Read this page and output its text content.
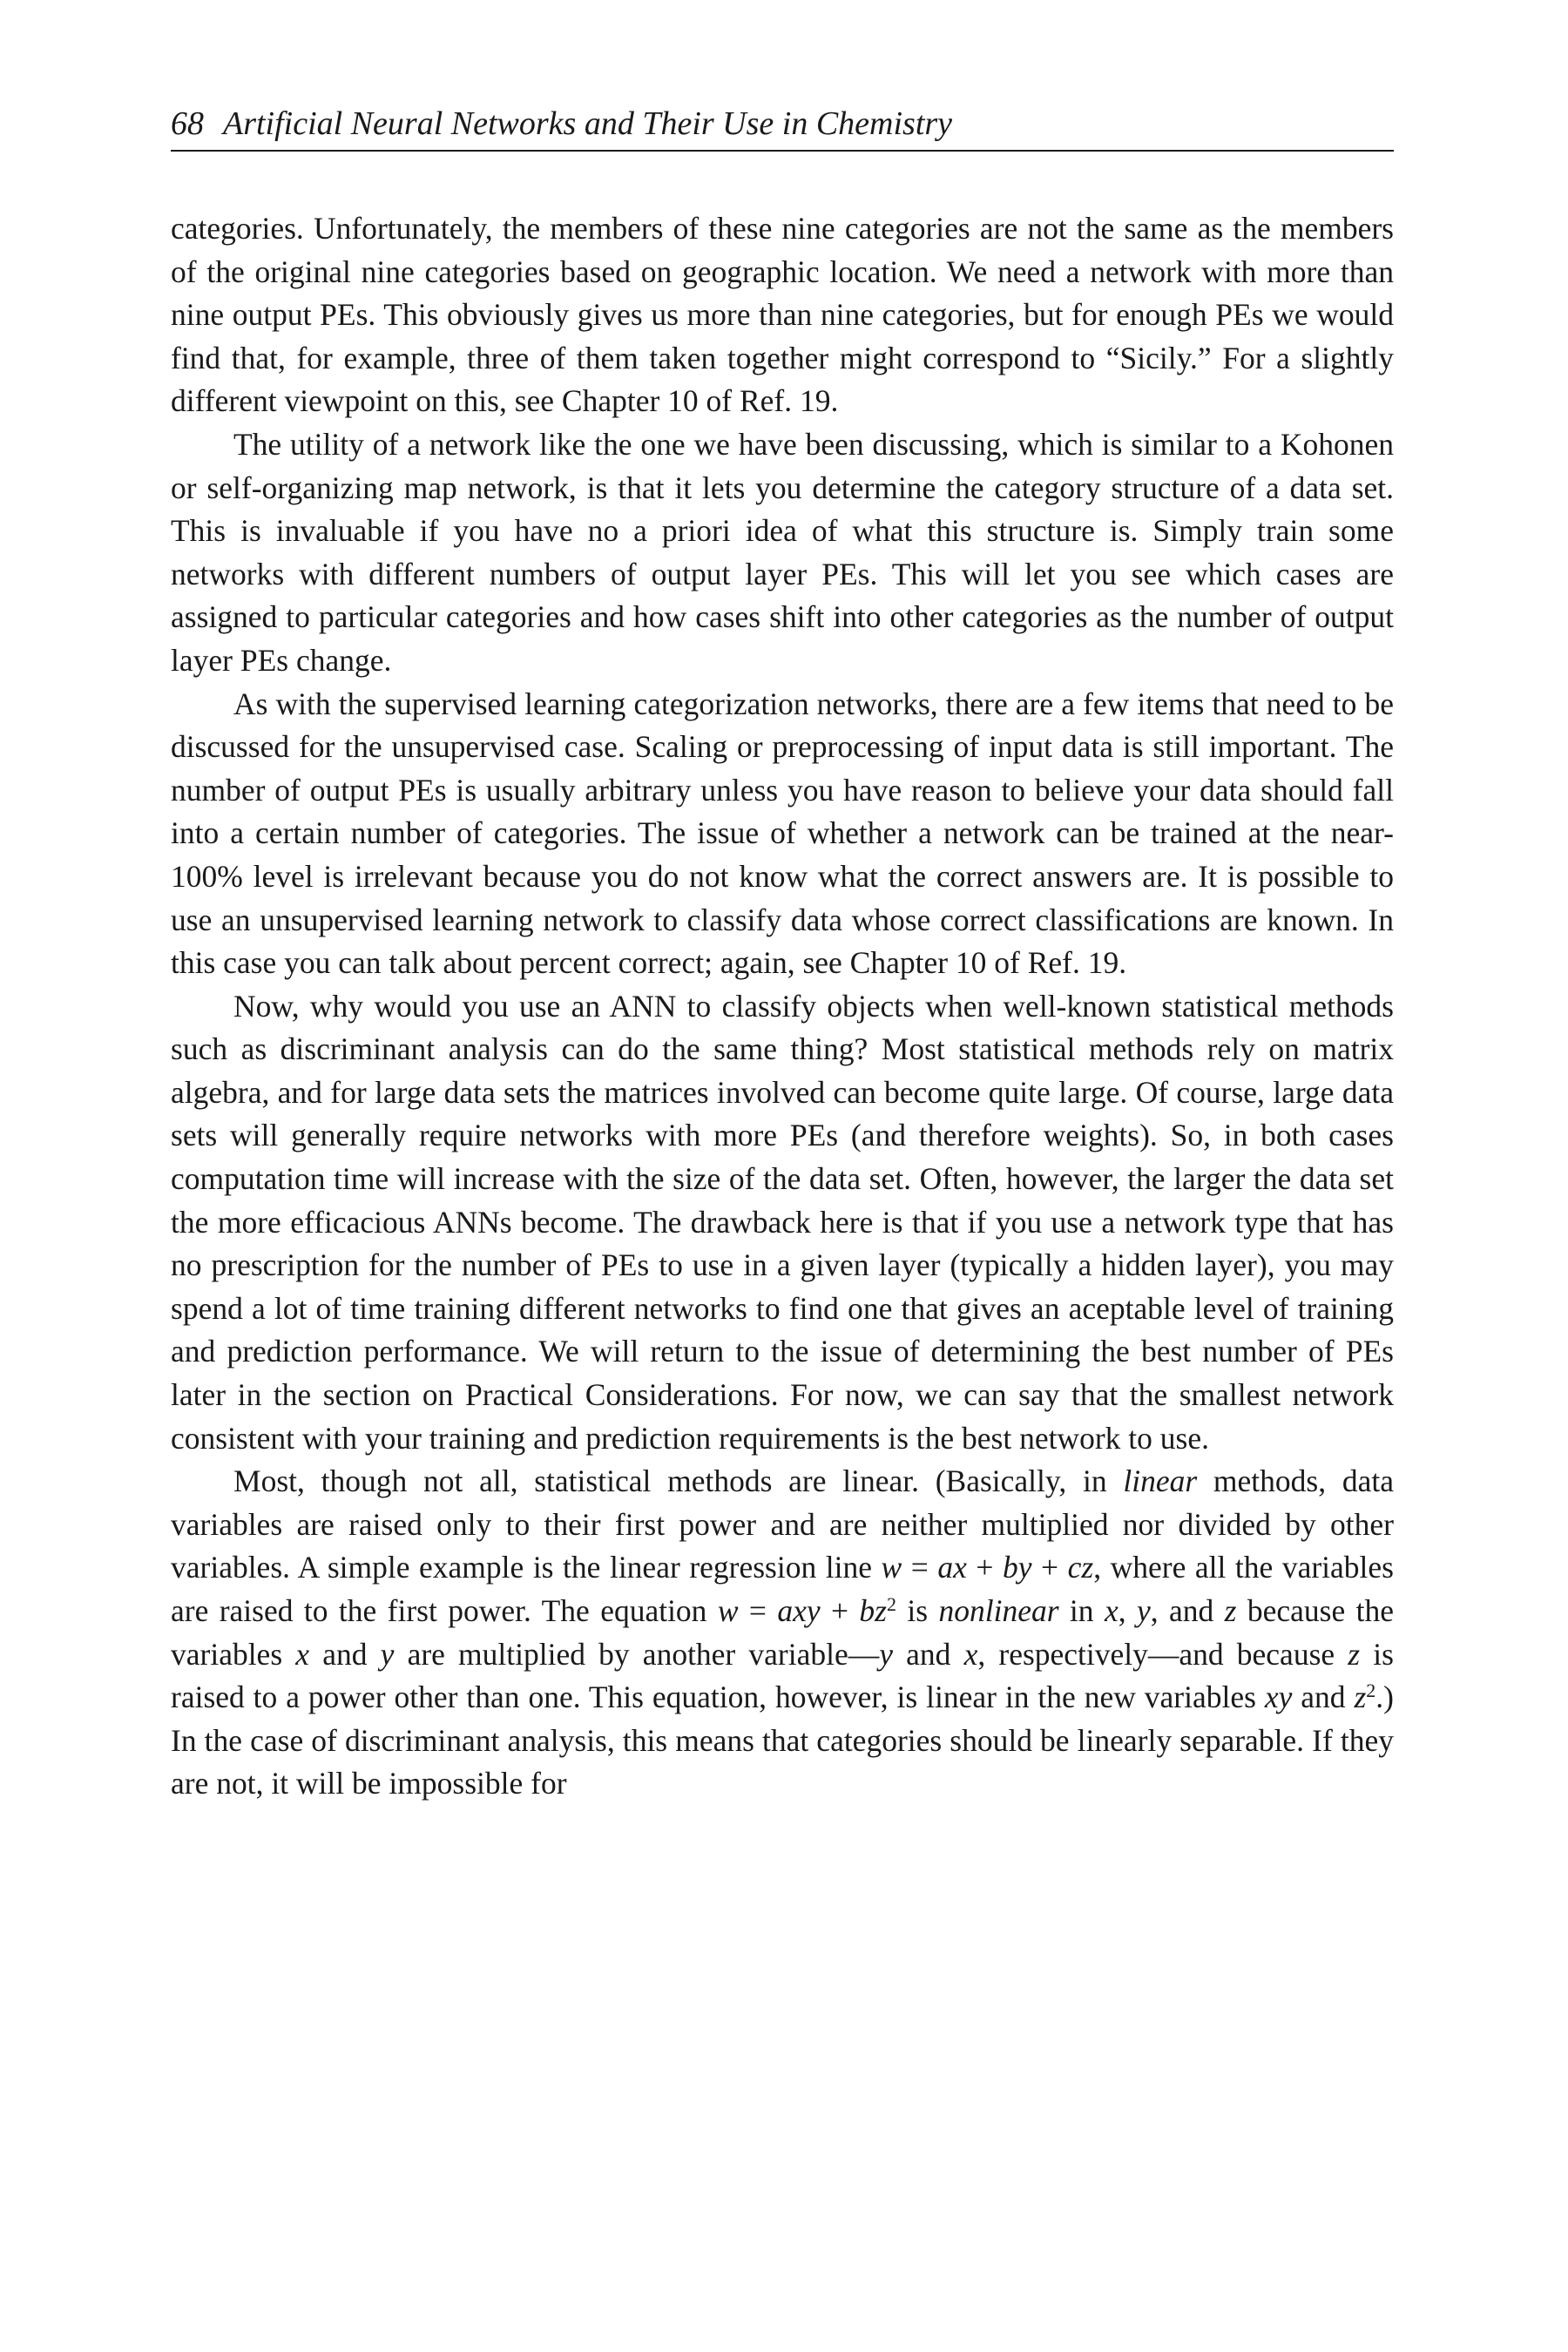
68 Artificial Neural Networks and Their Use in Chemistry

categories. Unfortunately, the members of these nine categories are not the same as the members of the original nine categories based on geographic location. We need a network with more than nine output PEs. This obviously gives us more than nine categories, but for enough PEs we would find that, for example, three of them taken together might correspond to “Sicily.” For a slightly different viewpoint on this, see Chapter 10 of Ref. 19.

The utility of a network like the one we have been discussing, which is similar to a Kohonen or self-organizing map network, is that it lets you determine the category structure of a data set. This is invaluable if you have no a priori idea of what this structure is. Simply train some networks with different numbers of output layer PEs. This will let you see which cases are assigned to particular categories and how cases shift into other categories as the number of output layer PEs change.

As with the supervised learning categorization networks, there are a few items that need to be discussed for the unsupervised case. Scaling or preprocessing of input data is still important. The number of output PEs is usually arbitrary unless you have reason to believe your data should fall into a certain number of categories. The issue of whether a network can be trained at the near-100% level is irrelevant because you do not know what the correct answers are. It is possible to use an unsupervised learning network to classify data whose correct classifications are known. In this case you can talk about percent correct; again, see Chapter 10 of Ref. 19.

Now, why would you use an ANN to classify objects when well-known statistical methods such as discriminant analysis can do the same thing? Most statistical methods rely on matrix algebra, and for large data sets the matrices involved can become quite large. Of course, large data sets will generally require networks with more PEs (and therefore weights). So, in both cases computation time will increase with the size of the data set. Often, however, the larger the data set the more efficacious ANNs become. The drawback here is that if you use a network type that has no prescription for the number of PEs to use in a given layer (typically a hidden layer), you may spend a lot of time training different networks to find one that gives an aceptable level of training and prediction performance. We will return to the issue of determining the best number of PEs later in the section on Practical Considerations. For now, we can say that the smallest network consistent with your training and prediction requirements is the best network to use.

Most, though not all, statistical methods are linear. (Basically, in linear methods, data variables are raised only to their first power and are neither multiplied nor divided by other variables. A simple example is the linear regression line w = ax + by + cz, where all the variables are raised to the first power. The equation w = axy + $bz^2$ is nonlinear in x, y, and z because the variables x and y are multiplied by another variable—y and x, respectively—and because z is raised to a power other than one. This equation, however, is linear in the new variables xy and $z^2$.) In the case of discriminant analysis, this means that categories should be linearly separable. If they are not, it will be impossible for
